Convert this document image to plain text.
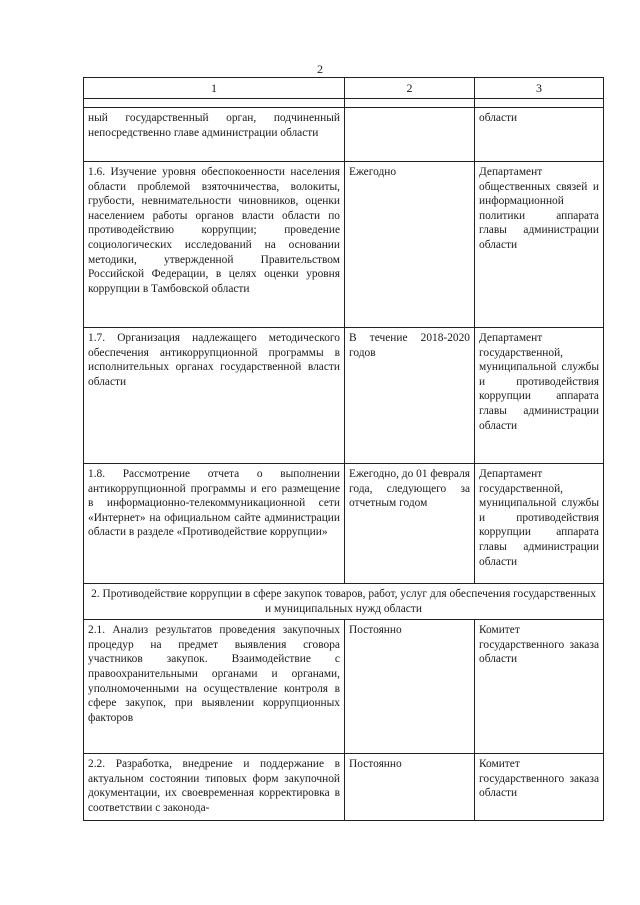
2
1	2	3

ный государственный орган, подчиненный непосредственно главе администрации области		области
1.6. Изучение уровня обеспокоенности населения области проблемой взяточничества, волокиты, грубости, невнимательности чиновников, оценки населением работы органов власти области по противодействию коррупции; проведение социологических исследований на основании методики, утвержденной Правительством Российской Федерации, в целях оценки уровня коррупции в Тамбовской области	Ежегодно	Департамент общественных связей и информационной политики аппарата главы администрации области
1.7. Организация надлежащего методического обеспечения антикоррупционной программы в исполнительных органах государственной власти области	В течение 2018-2020 годов	Департамент государственной, муниципальной службы и противодействия коррупции аппарата главы администрации области
1.8. Рассмотрение отчета о выполнении антикоррупционной программы и его размещение в информационно-телекоммуникационной сети «Интернет» на официальном сайте администрации области в разделе «Противодействие коррупции»	Ежегодно, до 01 февраля года, следующего за отчетным годом	Департамент государственной, муниципальной службы и противодействия коррупции аппарата главы администрации области
2. Противодействие коррупции в сфере закупок товаров, работ, услуг для обеспечения государственных и муниципальных нужд области		
2.1. Анализ результатов проведения закупочных процедур на предмет выявления сговора участников закупок. Взаимодействие с правоохранительными органами и органами, уполномоченными на осуществление контроля в сфере закупок, при выявлении коррупционных факторов	Постоянно	Комитет государственного заказа области
2.2. Разработка, внедрение и поддержание в актуальном состоянии типовых форм закупочной документации, их своевременная корректировка в соответствии с законода-	Постоянно	Комитет государственного заказа области
